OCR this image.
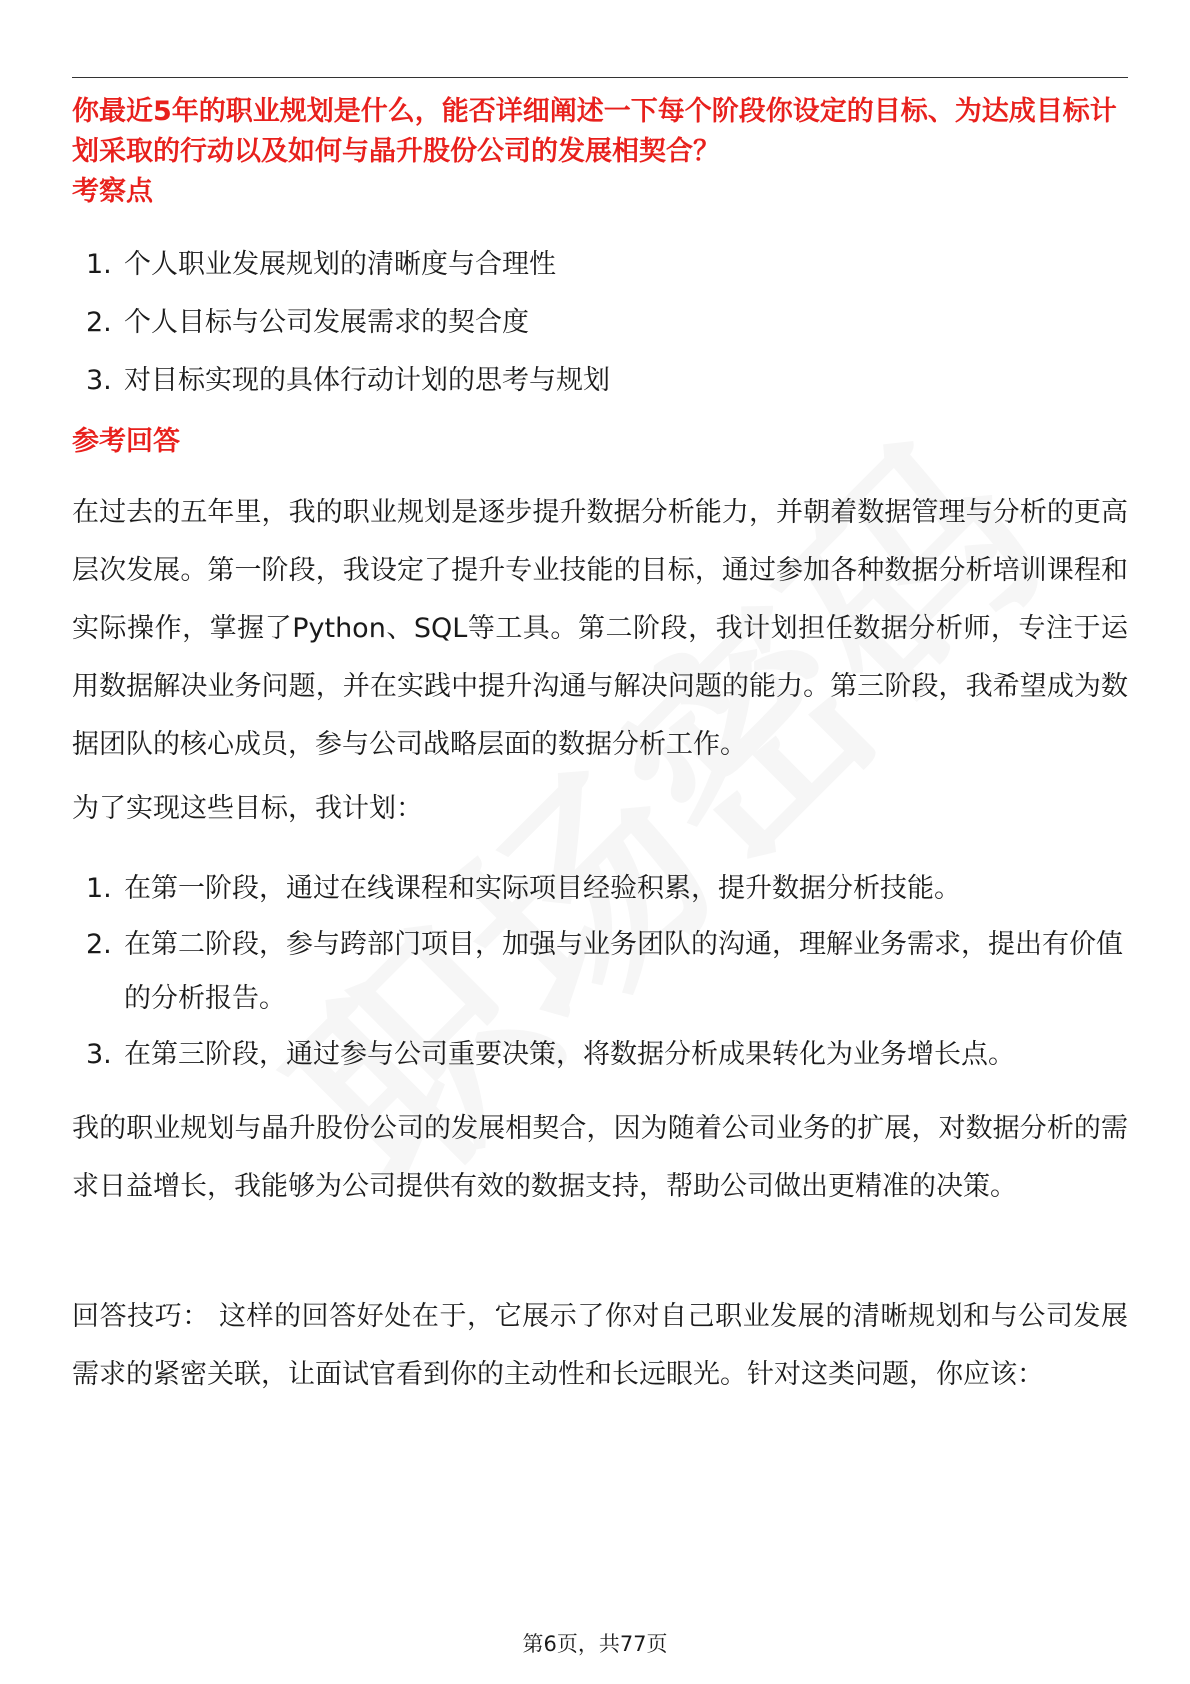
你最近5年的职业规划是什么，能否详细阐述一下每个阶段你设定的目标、为达成目标计划采取的行动以及如何与晶升股份公司的发展相契合？

考察点
1. 个人职业发展规划的清晰度与合理性
2. 个人目标与公司发展需求的契合度
3. 对目标实现的具体行动计划的思考与规划
参考回答

在过去的五年里，我的职业规划是逐步提升数据分析能力，并朝着数据管理与分析的更高层次发展。第一阶段，我设定了提升专业技能的目标，通过参加各种数据分析培训课程和实际操作，掌握了Python、SQL等工具。第二阶段，我计划担任数据分析师，专注于运用数据解决业务问题，并在实践中提升沟通与解决问题的能力。第三阶段，我希望成为数据团队的核心成员，参与公司战略层面的数据分析工作。

为了实现这些目标，我计划：

1. 在第一阶段，通过在线课程和实际项目经验积累，提升数据分析技能。
2. 在第二阶段，参与跨部门项目，加强与业务团队的沟通，理解业务需求，提出有价值的分析报告。
3. 在第三阶段，通过参与公司重要决策，将数据分析成果转化为业务增长点。

我的职业规划与晶升股份公司的发展相契合，因为随着公司业务的扩展，对数据分析的需求日益增长，我能够为公司提供有效的数据支持，帮助公司做出更精准的决策。

回答技巧： 这样的回答好处在于，它展示了你对自己职业发展的清晰规划和与公司发展需求的紧密关联，让面试官看到你的主动性和长远眼光。针对这类问题，你应该：

第6页，共77页
